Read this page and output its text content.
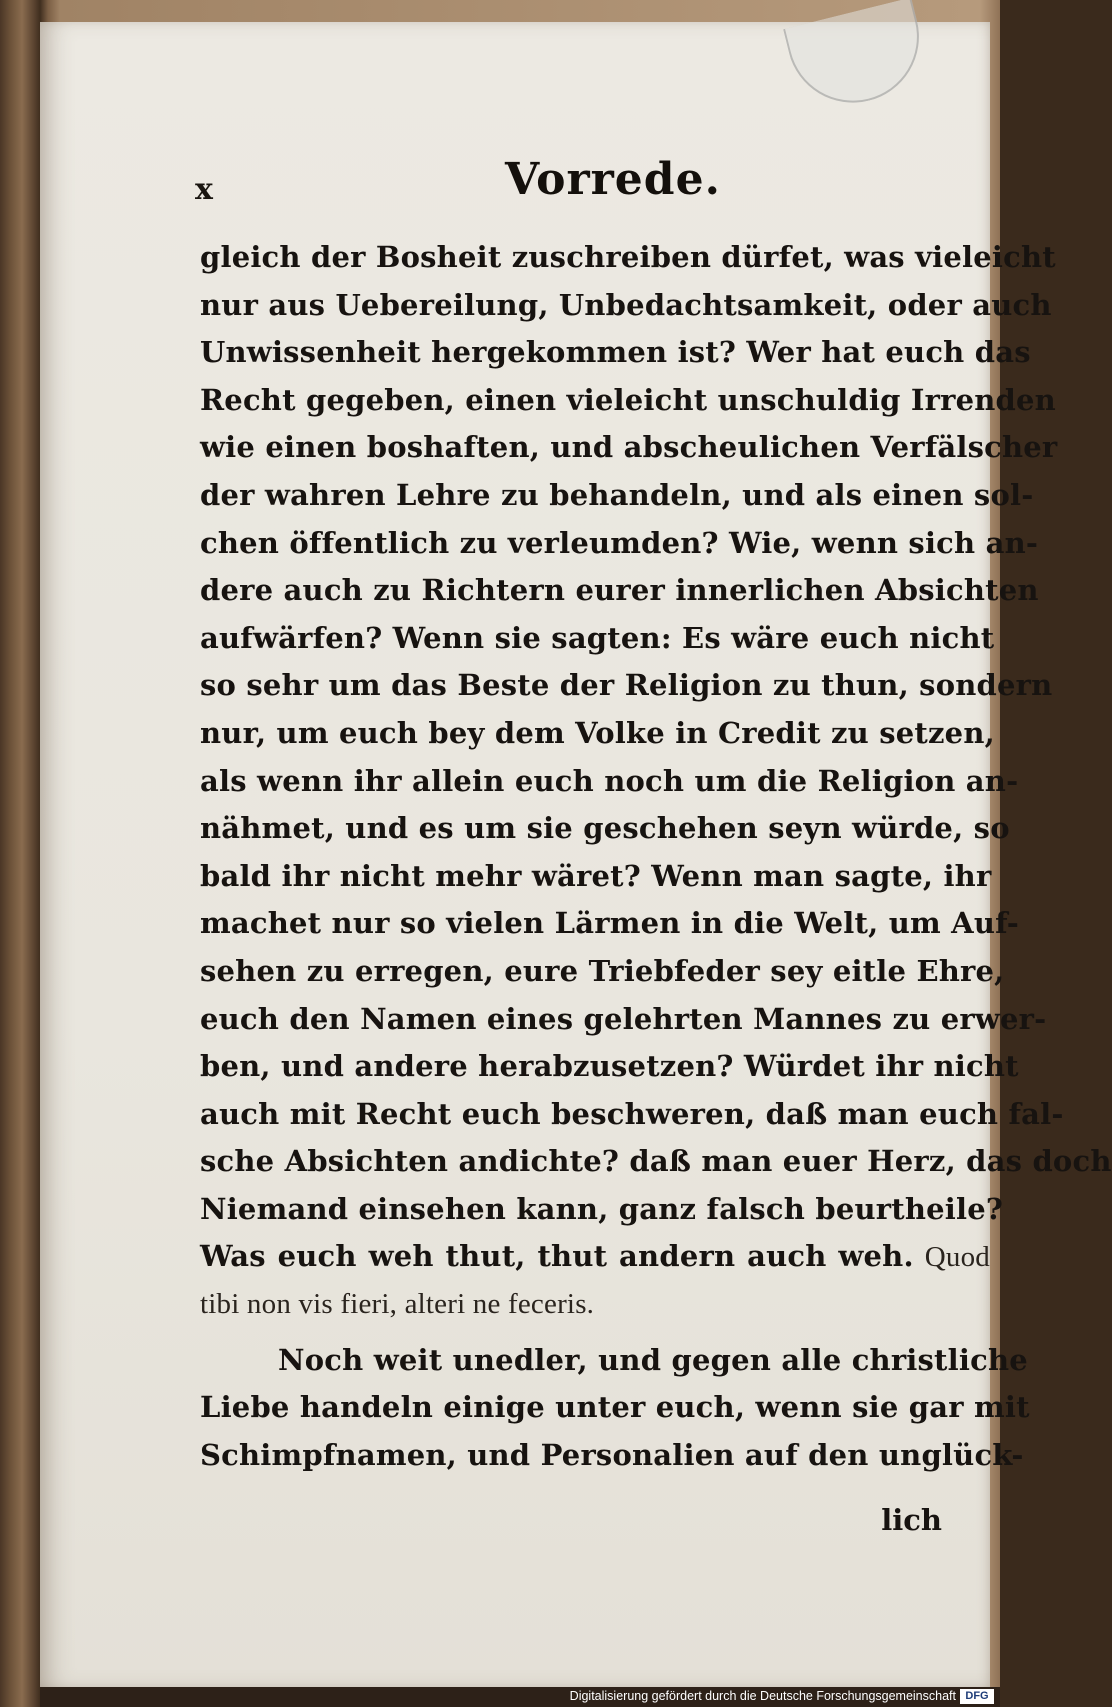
x	Vorrede.
gleich der Bosheit zuschreiben dürfet, was vieleicht
nur aus Uebereilung, Unbedachtsamkeit, oder auch
Unwissenheit hergekommen ist? Wer hat euch das
Recht gegeben, einen vieleicht unschuldig Irrenden
wie einen boshaften, und abscheulichen Verfälscher
der wahren Lehre zu behandeln, und als einen sol-
chen öffentlich zu verleumden? Wie, wenn sich an-
dere auch zu Richtern eurer innerlichen Absichten
aufwärfen? Wenn sie sagten: Es wäre euch nicht
so sehr um das Beste der Religion zu thun, sondern
nur, um euch bey dem Volke in Credit zu setzen,
als wenn ihr allein euch noch um die Religion an-
nähmet, und es um sie geschehen seyn würde, so
bald ihr nicht mehr wäret? Wenn man sagte, ihr
machet nur so vielen Lärmen in die Welt, um Auf-
sehen zu erregen, eure Triebfeder sey eitle Ehre,
euch den Namen eines gelehrten Mannes zu erwer-
ben, und andere herabzusetzen? Würdet ihr nicht
auch mit Recht euch beschweren, daß man euch fal-
sche Absichten andichte? daß man euer Herz, das doch
Niemand einsehen kann, ganz falsch beurtheile?
Was euch weh thut, thut andern auch weh. Quod
tibi non vis fieri, alteri ne feceris.
Noch weit unedler, und gegen alle christliche
Liebe handeln einige unter euch, wenn sie gar mit
Schimpfnamen, und Personalien auf den unglück-
lich
Digitalisierung gefördert durch die Deutsche Forschungsgemeinschaft DFG
